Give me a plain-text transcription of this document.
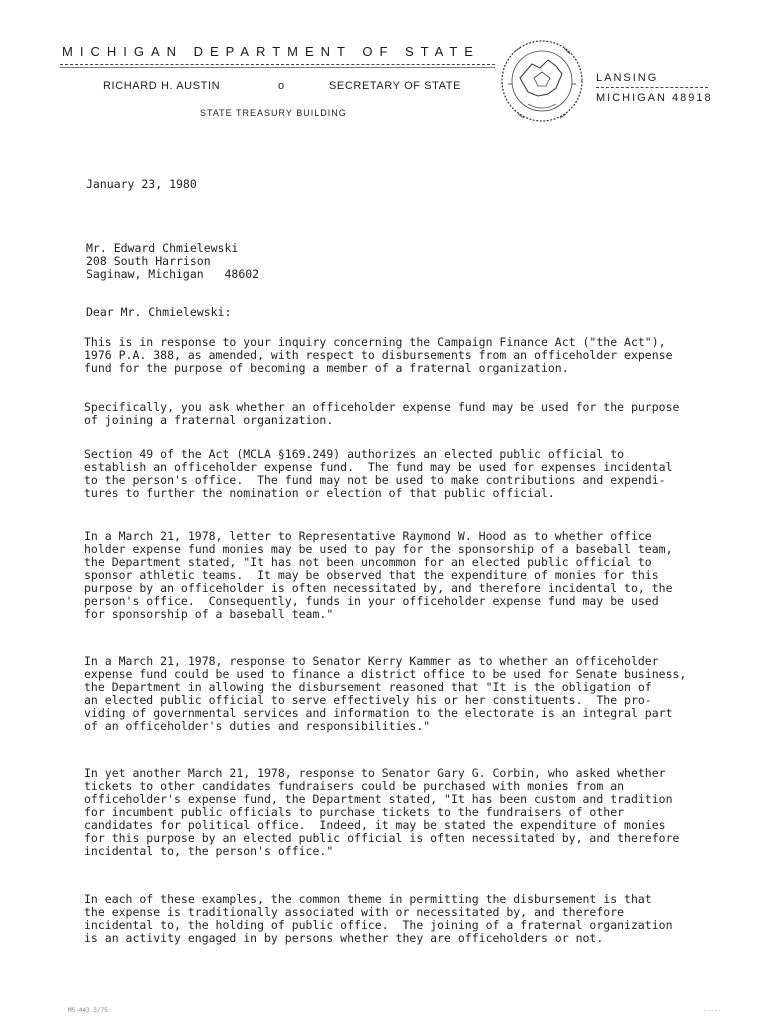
MICHIGAN DEPARTMENT OF STATE
RICHARD H. AUSTIN	o	SECRETARY OF STATE
STATE TREASURY BUILDING
LANSING
MICHIGAN 48918
January 23, 1980
Mr. Edward Chmielewski
208 South Harrison
Saginaw, Michigan   48602
Dear Mr. Chmielewski:
This is in response to your inquiry concerning the Campaign Finance Act ("the Act"),
1976 P.A. 388, as amended, with respect to disbursements from an officeholder expense
fund for the purpose of becoming a member of a fraternal organization.
Specifically, you ask whether an officeholder expense fund may be used for the purpose
of joining a fraternal organization.
Section 49 of the Act (MCLA §169.249) authorizes an elected public official to
establish an officeholder expense fund.  The fund may be used for expenses incidental
to the person's office.  The fund may not be used to make contributions and expendi-
tures to further the nomination or election of that public official.
In a March 21, 1978, letter to Representative Raymond W. Hood as to whether office
holder expense fund monies may be used to pay for the sponsorship of a baseball team,
the Department stated, "It has not been uncommon for an elected public official to
sponsor athletic teams.  It may be observed that the expenditure of monies for this
purpose by an officeholder is often necessitated by, and therefore incidental to, the
person's office.  Consequently, funds in your officeholder expense fund may be used
for sponsorship of a baseball team."
In a March 21, 1978, response to Senator Kerry Kammer as to whether an officeholder
expense fund could be used to finance a district office to be used for Senate business,
the Department in allowing the disbursement reasoned that "It is the obligation of
an elected public official to serve effectively his or her constituents.  The pro-
viding of governmental services and information to the electorate is an integral part
of an officeholder's duties and responsibilities."
In yet another March 21, 1978, response to Senator Gary G. Corbin, who asked whether
tickets to other candidates fundraisers could be purchased with monies from an
officeholder's expense fund, the Department stated, "It has been custom and tradition
for incumbent public officials to purchase tickets to the fundraisers of other
candidates for political office.  Indeed, it may be stated the expenditure of monies
for this purpose by an elected public official is often necessitated by, and therefore
incidental to, the person's office."
In each of these examples, the common theme in permitting the disbursement is that
the expense is traditionally associated with or necessitated by, and therefore
incidental to, the holding of public office.  The joining of a fraternal organization
is an activity engaged in by persons whether they are officeholders or not.
MS-443 3/75	-----
